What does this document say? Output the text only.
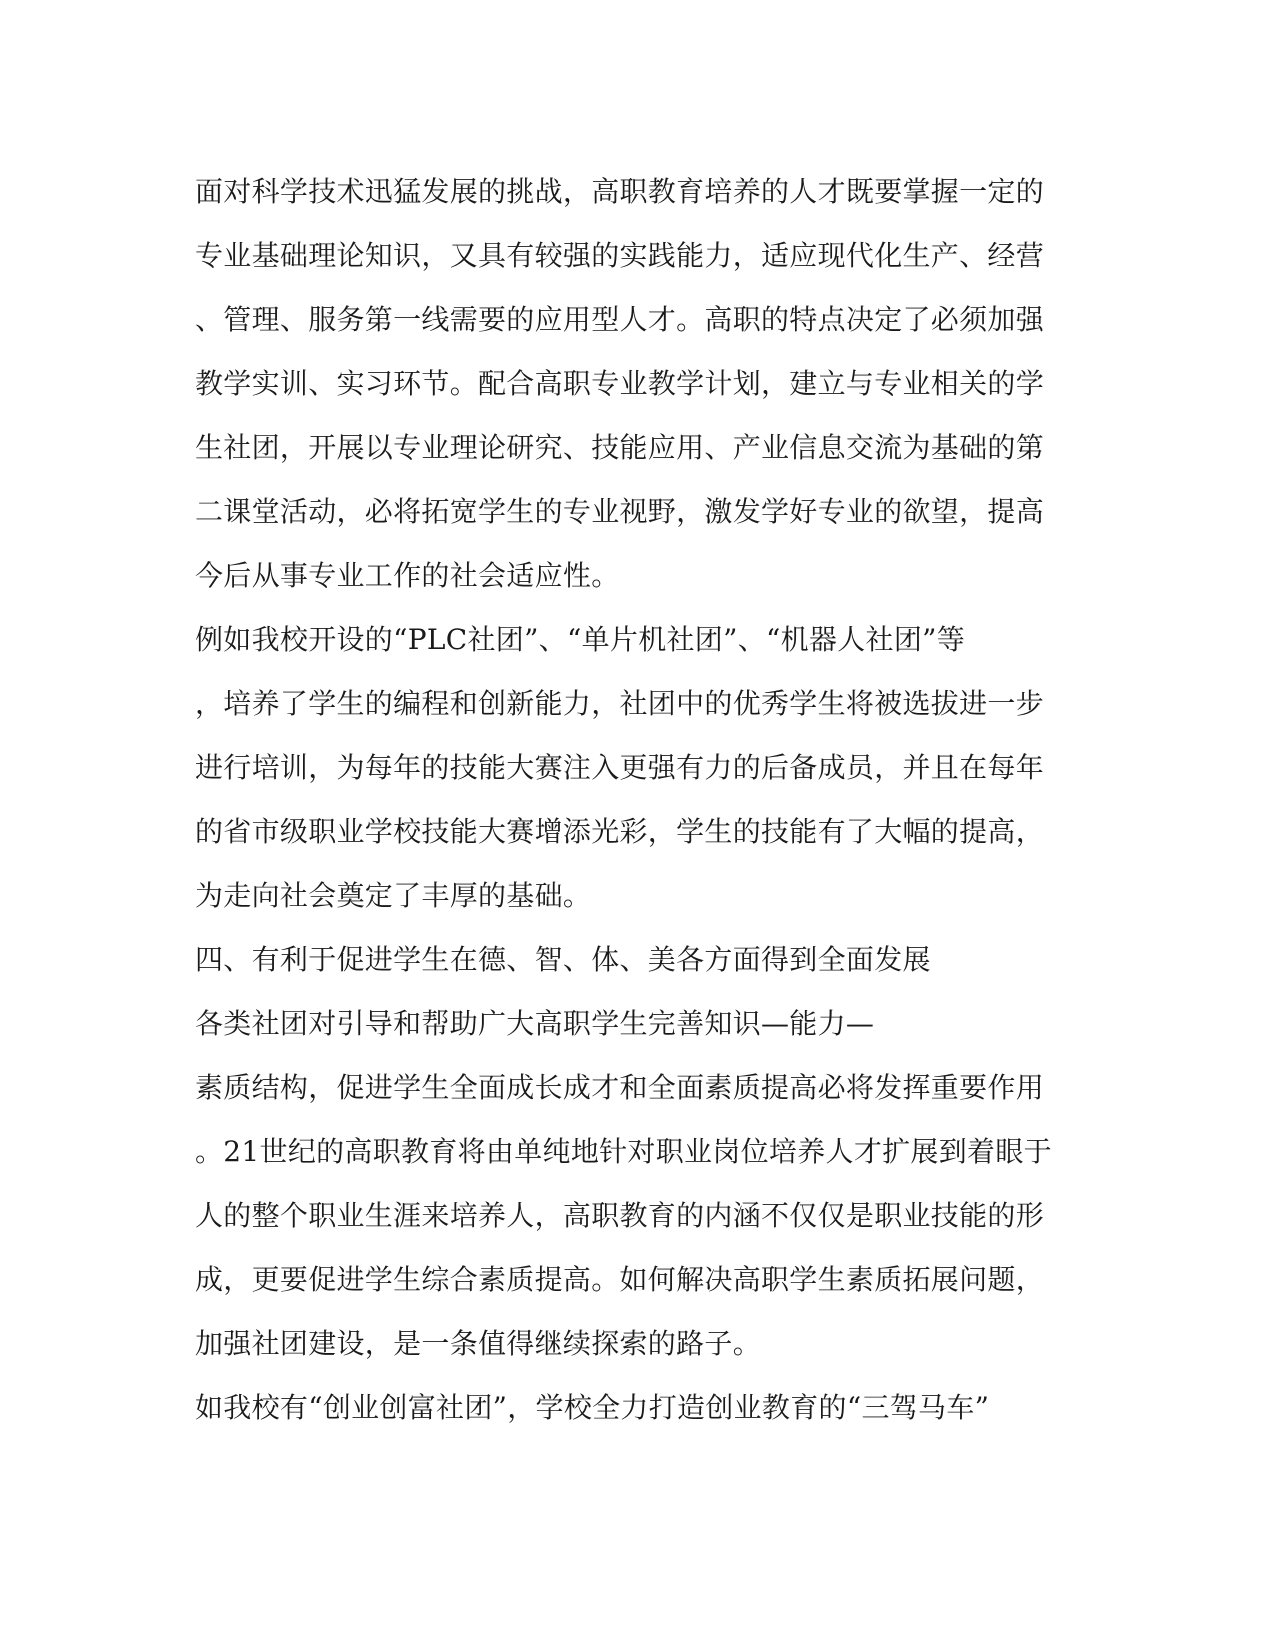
面对科学技术迅猛发展的挑战，高职教育培养的人才既要掌握一定的
专业基础理论知识，又具有较强的实践能力，适应现代化生产、经营
、管理、服务第一线需要的应用型人才。高职的特点决定了必须加强
教学实训、实习环节。配合高职专业教学计划，建立与专业相关的学
生社团，开展以专业理论研究、技能应用、产业信息交流为基础的第
二课堂活动，必将拓宽学生的专业视野，激发学好专业的欲望，提高
今后从事专业工作的社会适应性。
例如我校开设的“PLC社团”、“单片机社团”、“机器人社团”等
，培养了学生的编程和创新能力，社团中的优秀学生将被选拔进一步
进行培训，为每年的技能大赛注入更强有力的后备成员，并且在每年
的省市级职业学校技能大赛增添光彩，学生的技能有了大幅的提高，
为走向社会奠定了丰厚的基础。
四、有利于促进学生在德、智、体、美各方面得到全面发展
各类社团对引导和帮助广大高职学生完善知识—能力—
素质结构，促进学生全面成长成才和全面素质提高必将发挥重要作用
。21世纪的高职教育将由单纯地针对职业岗位培养人才扩展到着眼于
人的整个职业生涯来培养人，高职教育的内涵不仅仅是职业技能的形
成，更要促进学生综合素质提高。如何解决高职学生素质拓展问题，
加强社团建设，是一条值得继续探索的路子。
如我校有“创业创富社团”，学校全力打造创业教育的“三驾马车”
